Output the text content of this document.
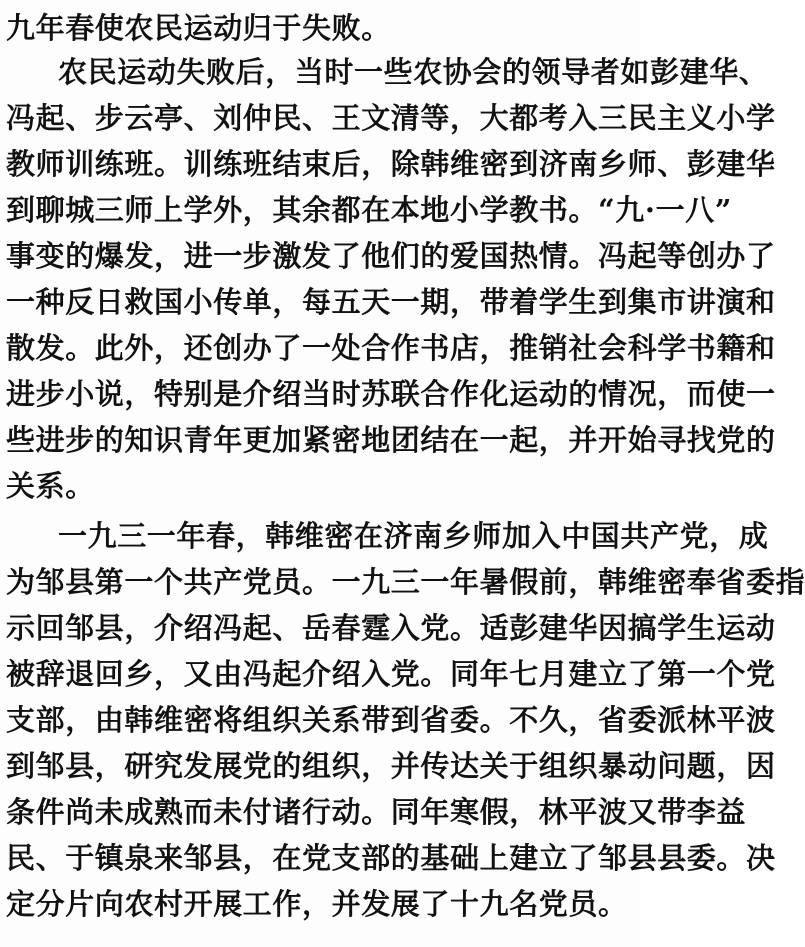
九年春使农民运动归于失败。
农民运动失败后，当时一些农协会的领导者如彭建华、
冯起、步云亭、刘仲民、王文清等，大都考入三民主义小学
教师训练班。训练班结束后，除韩维密到济南乡师、彭建华
到聊城三师上学外，其余都在本地小学教书。“九·一八”
事变的爆发，进一步激发了他们的爱国热情。冯起等创办了
一种反日救国小传单，每五天一期，带着学生到集市讲演和
散发。此外，还创办了一处合作书店，推销社会科学书籍和
进步小说，特别是介绍当时苏联合作化运动的情况，而使一
些进步的知识青年更加紧密地团结在一起，并开始寻找党的
关系。
一九三一年春，韩维密在济南乡师加入中国共产党，成
为邹县第一个共产党员。一九三一年暑假前，韩维密奉省委指
示回邹县，介绍冯起、岳春霆入党。适彭建华因搞学生运动
被辞退回乡，又由冯起介绍入党。同年七月建立了第一个党
支部，由韩维密将组织关系带到省委。不久，省委派林平波
到邹县，研究发展党的组织，并传达关于组织暴动问题，因
条件尚未成熟而未付诸行动。同年寒假，林平波又带李益
民、于镇泉来邹县，在党支部的基础上建立了邹县县委。决
定分片向农村开展工作，并发展了十九名党员。
